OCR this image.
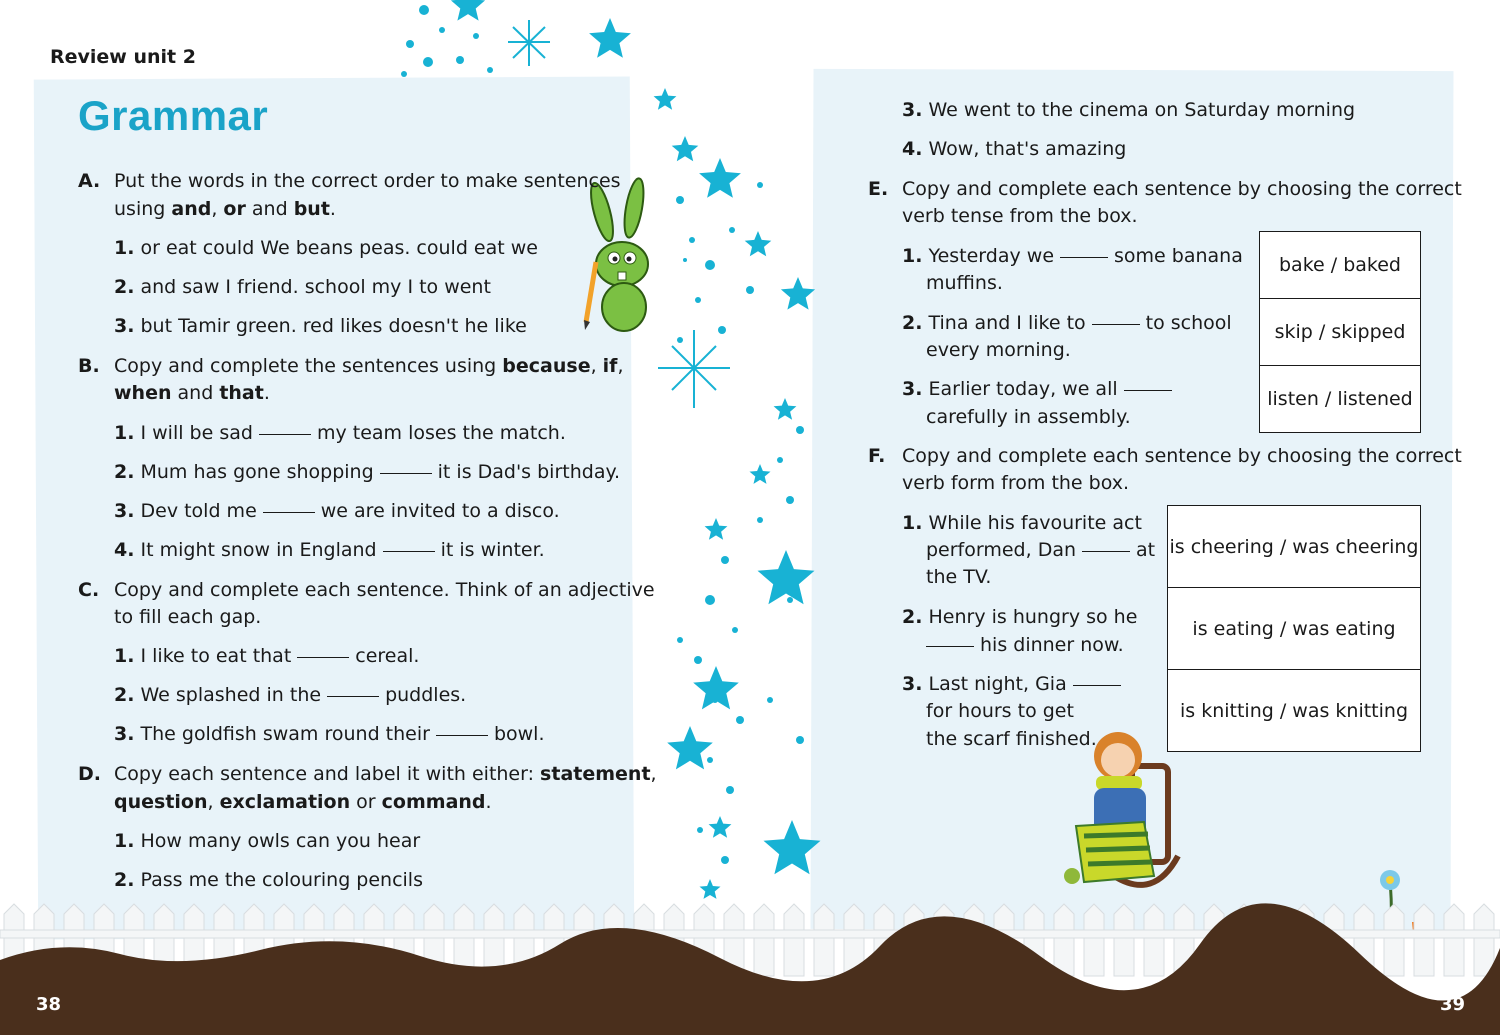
Review unit 2
Grammar
A. Put the words in the correct order to make sentences
using and, or and but.
1. or eat could We beans peas. could eat we
2. and saw I friend. school my I to went
3. but Tamir green. red likes doesn't he like
B. Copy and complete the sentences using because, if,
when and that.
1. I will be sad	my team loses the match.
2. Mum has gone shopping	it is Dad's birthday.
3. Dev told me	we are invited to a disco.
4. It might snow in England	it is winter.
C. Copy and complete each sentence. Think of an adjective
to fill each gap.
1. I like to eat that	cereal.
2. We splashed in the	puddles.
3. The goldfish swam round their	bowl.
D. Copy each sentence and label it with either: statement,
question, exclamation or command.
1. How many owls can you hear
2. Pass me the colouring pencils
3. We went to the cinema on Saturday morning
4. Wow, that's amazing
E. Copy and complete each sentence by choosing the correct
verb tense from the box.
1. Yesterday we	some banana
muffins.
2. Tina and I like to	to school
every morning.
3. Earlier today, we all
carefully in assembly.
bake / baked
skip / skipped
listen / listened
F. Copy and complete each sentence by choosing the correct
verb form from the box.
1. While his favourite act
performed, Dan	at
the TV.
2. Henry is hungry so he
his dinner now.
3. Last night, Gia
for hours to get
the scarf finished.
is cheering / was cheering
is eating / was eating
is knitting / was knitting
38	39
